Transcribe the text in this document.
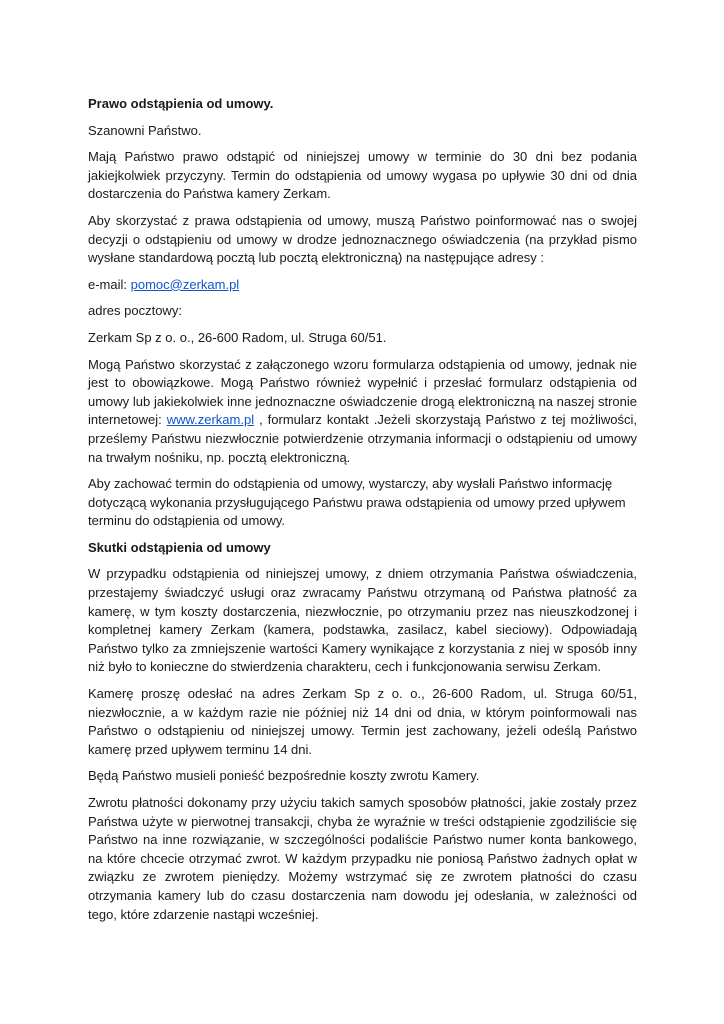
Prawo odstąpienia od umowy.

Szanowni Państwo.

Mają Państwo prawo odstąpić od niniejszej umowy w terminie do 30 dni bez podania jakiejkolwiek przyczyny. Termin do odstąpienia od umowy wygasa po upływie 30 dni od dnia dostarczenia do Państwa kamery Zerkam.

Aby skorzystać z prawa odstąpienia od umowy, muszą Państwo poinformować nas o swojej decyzji o odstąpieniu od umowy w drodze jednoznacznego oświadczenia (na przykład pismo wysłane standardową pocztą lub pocztą elektroniczną) na następujące adresy :

e-mail: pomoc@zerkam.pl

adres pocztowy:

Zerkam Sp z o. o., 26-600 Radom, ul. Struga 60/51.

Mogą Państwo skorzystać z załączonego wzoru formularza odstąpienia od umowy, jednak nie jest to obowiązkowe. Mogą Państwo również wypełnić i przesłać formularz odstąpienia od umowy lub jakiekolwiek inne jednoznaczne oświadczenie drogą elektroniczną na naszej stronie internetowej: www.zerkam.pl , formularz kontakt .Jeżeli skorzystają Państwo z tej możliwości, prześlemy Państwu niezwłocznie potwierdzenie otrzymania informacji o odstąpieniu od umowy na trwałym nośniku, np. pocztą elektroniczną.

Aby zachować termin do odstąpienia od umowy, wystarczy, aby wysłali Państwo informację dotyczącą wykonania przysługującego Państwu prawa odstąpienia od umowy przed upływem terminu do odstąpienia od umowy.

Skutki odstąpienia od umowy

W przypadku odstąpienia od niniejszej umowy, z dniem otrzymania Państwa oświadczenia, przestajemy świadczyć usługi oraz zwracamy Państwu otrzymaną od Państwa płatność za kamerę, w tym koszty dostarczenia, niezwłocznie, po otrzymaniu przez nas nieuszkodzonej i kompletnej kamery Zerkam (kamera, podstawka, zasilacz, kabel sieciowy). Odpowiadają Państwo tylko za zmniejszenie wartości Kamery wynikające z korzystania z niej w sposób inny niż było to konieczne do stwierdzenia charakteru, cech i funkcjonowania serwisu Zerkam.

Kamerę proszę odesłać na adres Zerkam Sp z o. o., 26-600 Radom, ul. Struga 60/51, niezwłocznie, a w każdym razie nie później niż 14 dni od dnia, w którym poinformowali nas Państwo o odstąpieniu od niniejszej umowy. Termin jest zachowany, jeżeli odeślą Państwo kamerę przed upływem terminu 14 dni.

Będą Państwo musieli ponieść bezpośrednie koszty zwrotu Kamery.

Zwrotu płatności dokonamy przy użyciu takich samych sposobów płatności, jakie zostały przez Państwa użyte w pierwotnej transakcji, chyba że wyraźnie w treści odstąpienie zgodziliście się Państwo na inne rozwiązanie, w szczególności podaliście Państwo numer konta bankowego, na które chcecie otrzymać zwrot. W każdym przypadku nie poniosą Państwo żadnych opłat w związku ze zwrotem pieniędzy. Możemy wstrzymać się ze zwrotem płatności do czasu otrzymania kamery lub do czasu dostarczenia nam dowodu jej odesłania, w zależności od tego, które zdarzenie nastąpi wcześniej.
